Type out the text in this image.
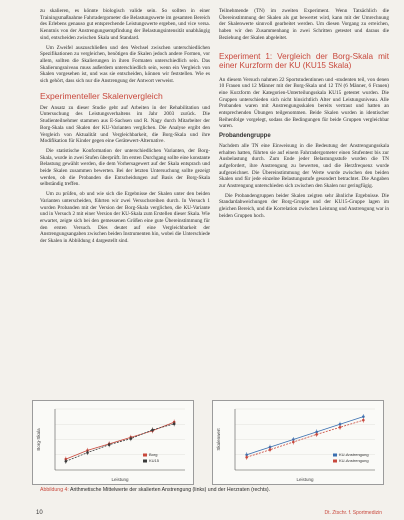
zu skalieren, es könnte biologisch valide sein. So sollten in einer Trainingsmaßnahme Fahrradergometer die Belastungswerte im gesamten Bereich des Erlebens genauso gut entsprechende Leistungswerte ergeben, und vice versa. Kenntnis von der Anstrengungsempfindung der Belastungsintensität unabhängig sind, entscheiden zwischen Skala und Standard.

Um Zweifel auszuschließen und den Wechsel zwischen unterschiedlichen Spezifikationen zu vergleichen, benötigen die Skalen jedoch andere Formen, vor allem, sollten die Skalierungen in ihren Formaten unterschiedlich sein. Das Skalierungsniveau muss außerdem unterschiedlich sein, wenn ein Vergleich von Skalen vorgesehen ist, und was sie entscheiden, können wir feststellen. Wie es sich gehört, dass sich nur die Anstrengung der Antwort verweist.

Experimenteller Skalenvergleich

Der Ansatz zu dieser Studie geht auf Arbeiten in der Rehabilitation und Untersuchung des Leistungsverhaltens im Jahr 2003 zurück. Die Studienteilnehmer stammen aus E-Sachsen und R. Nagy durch Mitarbeiter der Borg-Skala und Skalen der KU-Varianten verglichen. Die Analyse ergibt den Vergleich von Aktualität und Vergleichbarkeit, die Borg-Skala und ihre Modifikation für Kinder gegen eine Gerätewert-Alternative.

Die statistische Konformation der unterschiedlichen Varianten, der Borg-Skala, wurde in zwei Stufen überprüft. Im ersten Durchgang sollte eine konstante Belastung gewählt werden, die dem Vorhersagewert auf der Skala entsprach und beide Skalen zusammen bewerten. Bei der letzten Untersuchung sollte gezeigt werden, ob die Probanden die Entscheidungen auf Basis der Borg-Skala selbständig treffen.

Um zu prüfen, ob und wie sich die Ergebnisse der Skalen unter den beiden Varianten unterscheiden, führten wir zwei Versuchsreihen durch. In Versuch 1 wurden Probanden mit der Version der Borg-Skala verglichen, die KU-Variante und in Versuch 2 mit einer Version der KU-Skala zum Erstellen dieser Skala. Wie erwartet, zeigte sich bei den gemessenen Größen eine gute Übereinstimmung für den ersten Versuch. Dies deutet auf eine Vergleichbarkeit der Anstrengungsangaben zwischen beiden Instrumenten hin, wobei die Unterschiede der Skalen in Abbildung 4 dargestellt sind.

Teilnehmende (TN) im zweiten Experiment. Wenn Tatsächlich die Übereinstimmung der Skalen als gut bewertet wird, kann mit der Umrechnung der Skalenwerte sinnvoll gearbeitet werden. Um diesen Vorgang zu erreichen, haben wir den Zusammenhang in zwei Schritten getestet und daraus die Beziehung der Skalen abgeleitet.

Experiment 1: Vergleich der Borg-Skala mit einer Kurzform der KU (KU15 Skala)

An diesem Versuch nahmen 22 Sportstudentinnen und -studenten teil, von denen 10 Frauen und 12 Männer mit der Borg-Skala und 12 TN (6 Männer, 6 Frauen) eine Kurzform der Kategorien-Unterteilungsskala KU15 getestet wurden. Die Gruppen unterschieden sich nicht hinsichtlich Alter und Leistungsniveau. Alle Probanden waren mit Anstrengungsskalen bereits vertraut und hatten an entsprechenden Übungen teilgenommen. Beide Skalen wurden in identischer Reihenfolge vorgelegt, sodass die Bedingungen für beide Gruppen vergleichbar waren.

Probandengruppe

Nachdem alle TN eine Einweisung in die Bedeutung der Anstrengungsskala erhalten hatten, führten sie auf einem Fahrradergometer einen Stufentest bis zur Ausbelastung durch. Zum Ende jeder Belastungsstufe wurden die TN aufgefordert, ihre Anstrengung zu bewerten, und die Herzfrequenz wurde aufgezeichnet. Die Übereinstimmung der Werte wurde zwischen den beiden Skalen und für jede einzelne Belastungsstufe gesondert betrachtet. Die Angaben zur Anstrengung unterschieden sich zwischen den Skalen nur geringfügig.

Die Probandengruppen beider Skalen zeigten sehr ähnliche Ergebnisse. Die Standardabweichungen der Borg-Gruppe und der KU15-Gruppe lagen im gleichen Bereich, und die Korrelation zwischen Leistung und Anstrengung war in beiden Gruppen hoch.

Borg-Skala
Leistung
Borg
KU15
Skalenwert
Leistung
KU-Anstrengung
KU-Anstrengung
Abbildung 4: Arithmetische Mittelwerte der skalierten Anstrengung (links) und der Herzraten (rechts).
10	Dt. Ztschr. f. Sportmedizin
